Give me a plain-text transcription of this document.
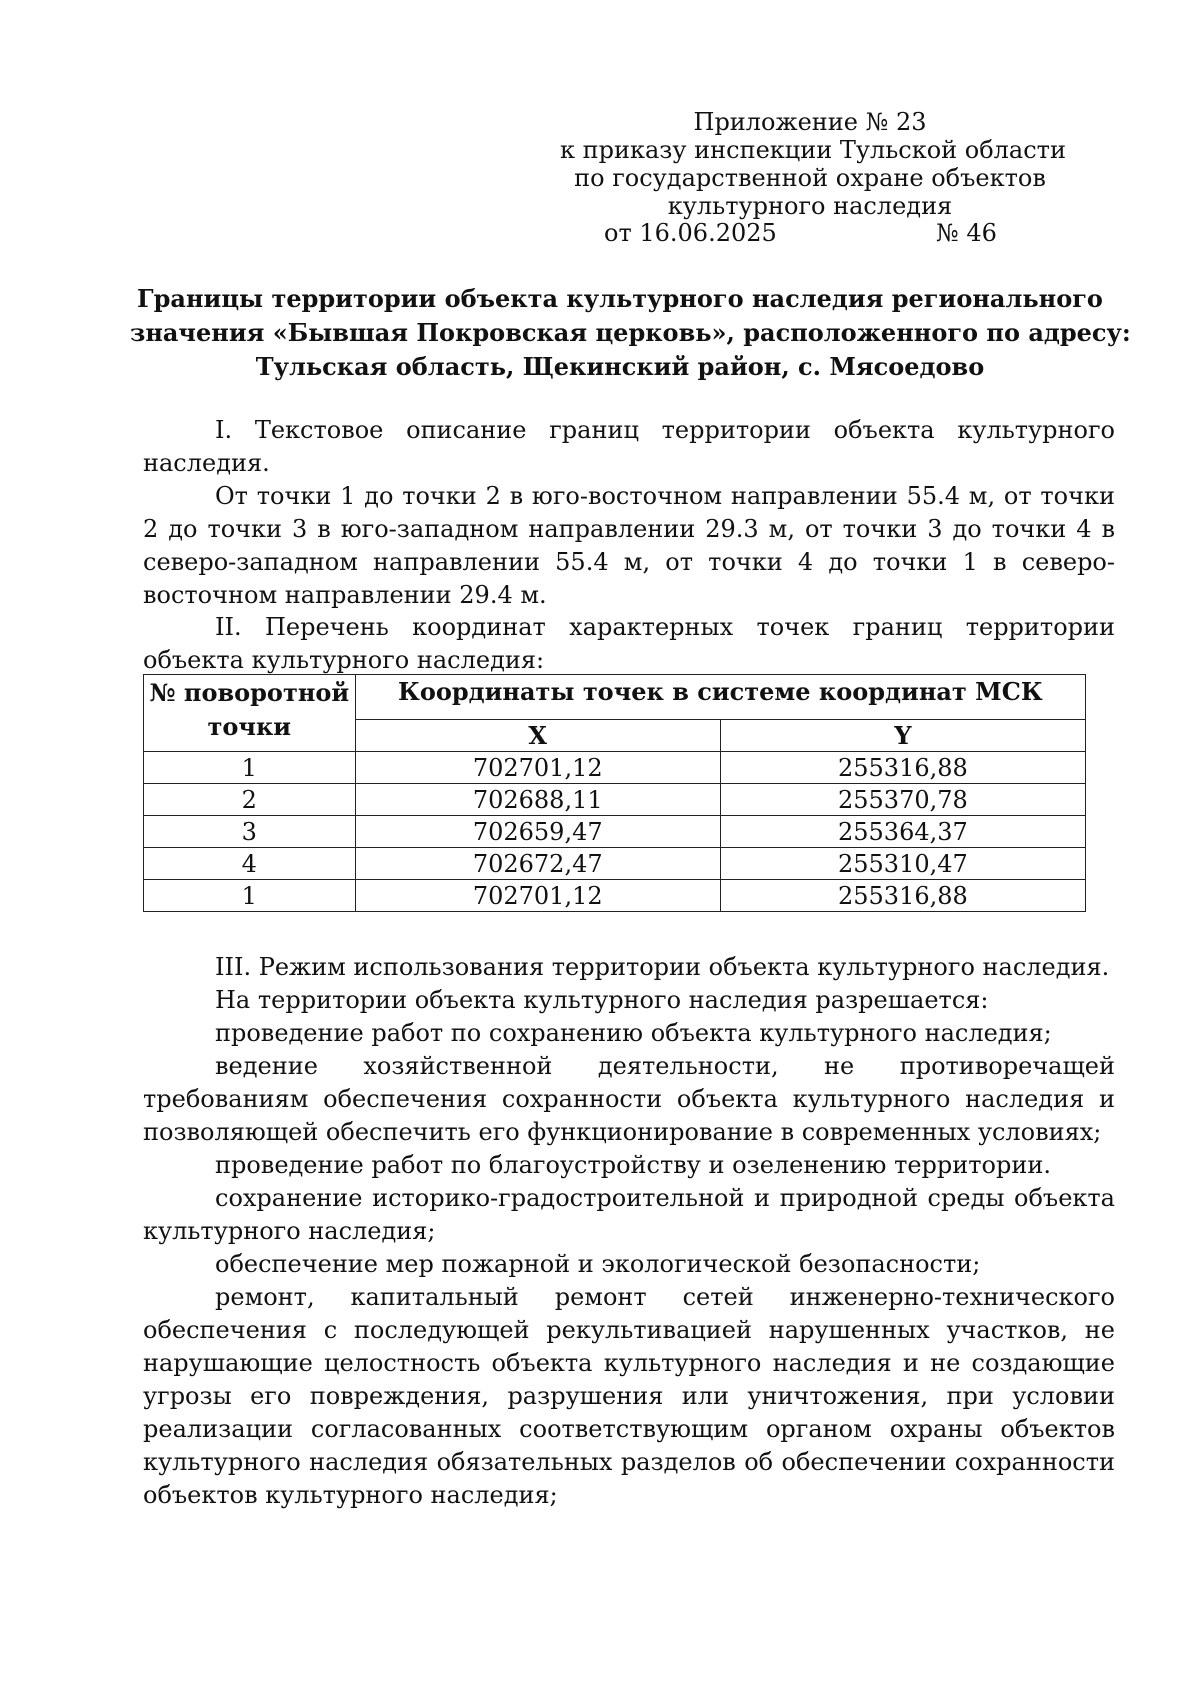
Приложение № 23
к приказу инспекции Тульской области
по государственной охране объектов
культурного наследия
от 16.06.2025	№ 46
Границы территории объекта культурного наследия регионального
значения «Бывшая Покровская церковь», расположенного по адресу:
Тульская область, Щекинский район, с. Мясоедово

I. Текстовое описание границ территории объекта культурного наследия.

От точки 1 до точки 2 в юго-восточном направлении 55.4 м, от точки 2 до точки 3 в юго-западном направлении 29.3 м, от точки 3 до точки 4 в северо-западном направлении 55.4 м, от точки 4 до точки 1 в северо-восточном направлении 29.4 м.

II. Перечень координат характерных точек границ территории объекта культурного наследия:

№ поворотной точки	Координаты точек в системе координат МСК	
	X	Y
1	702701,12	255316,88
2	702688,11	255370,78
3	702659,47	255364,37
4	702672,47	255310,47
1	702701,12	255316,88

III. Режим использования территории объекта культурного наследия.

На территории объекта культурного наследия разрешается:

проведение работ по сохранению объекта культурного наследия;

ведение хозяйственной деятельности, не противоречащей требованиям обеспечения сохранности объекта культурного наследия и позволяющей обеспечить его функционирование в современных условиях;

проведение работ по благоустройству и озеленению территории.

сохранение историко-градостроительной и природной среды объекта культурного наследия;

обеспечение мер пожарной и экологической безопасности;

ремонт, капитальный ремонт сетей инженерно-технического обеспечения с последующей рекультивацией нарушенных участков, не нарушающие целостность объекта культурного наследия и не создающие угрозы его повреждения, разрушения или уничтожения, при условии реализации согласованных соответствующим органом охраны объектов культурного наследия обязательных разделов об обеспечении сохранности объектов культурного наследия;
